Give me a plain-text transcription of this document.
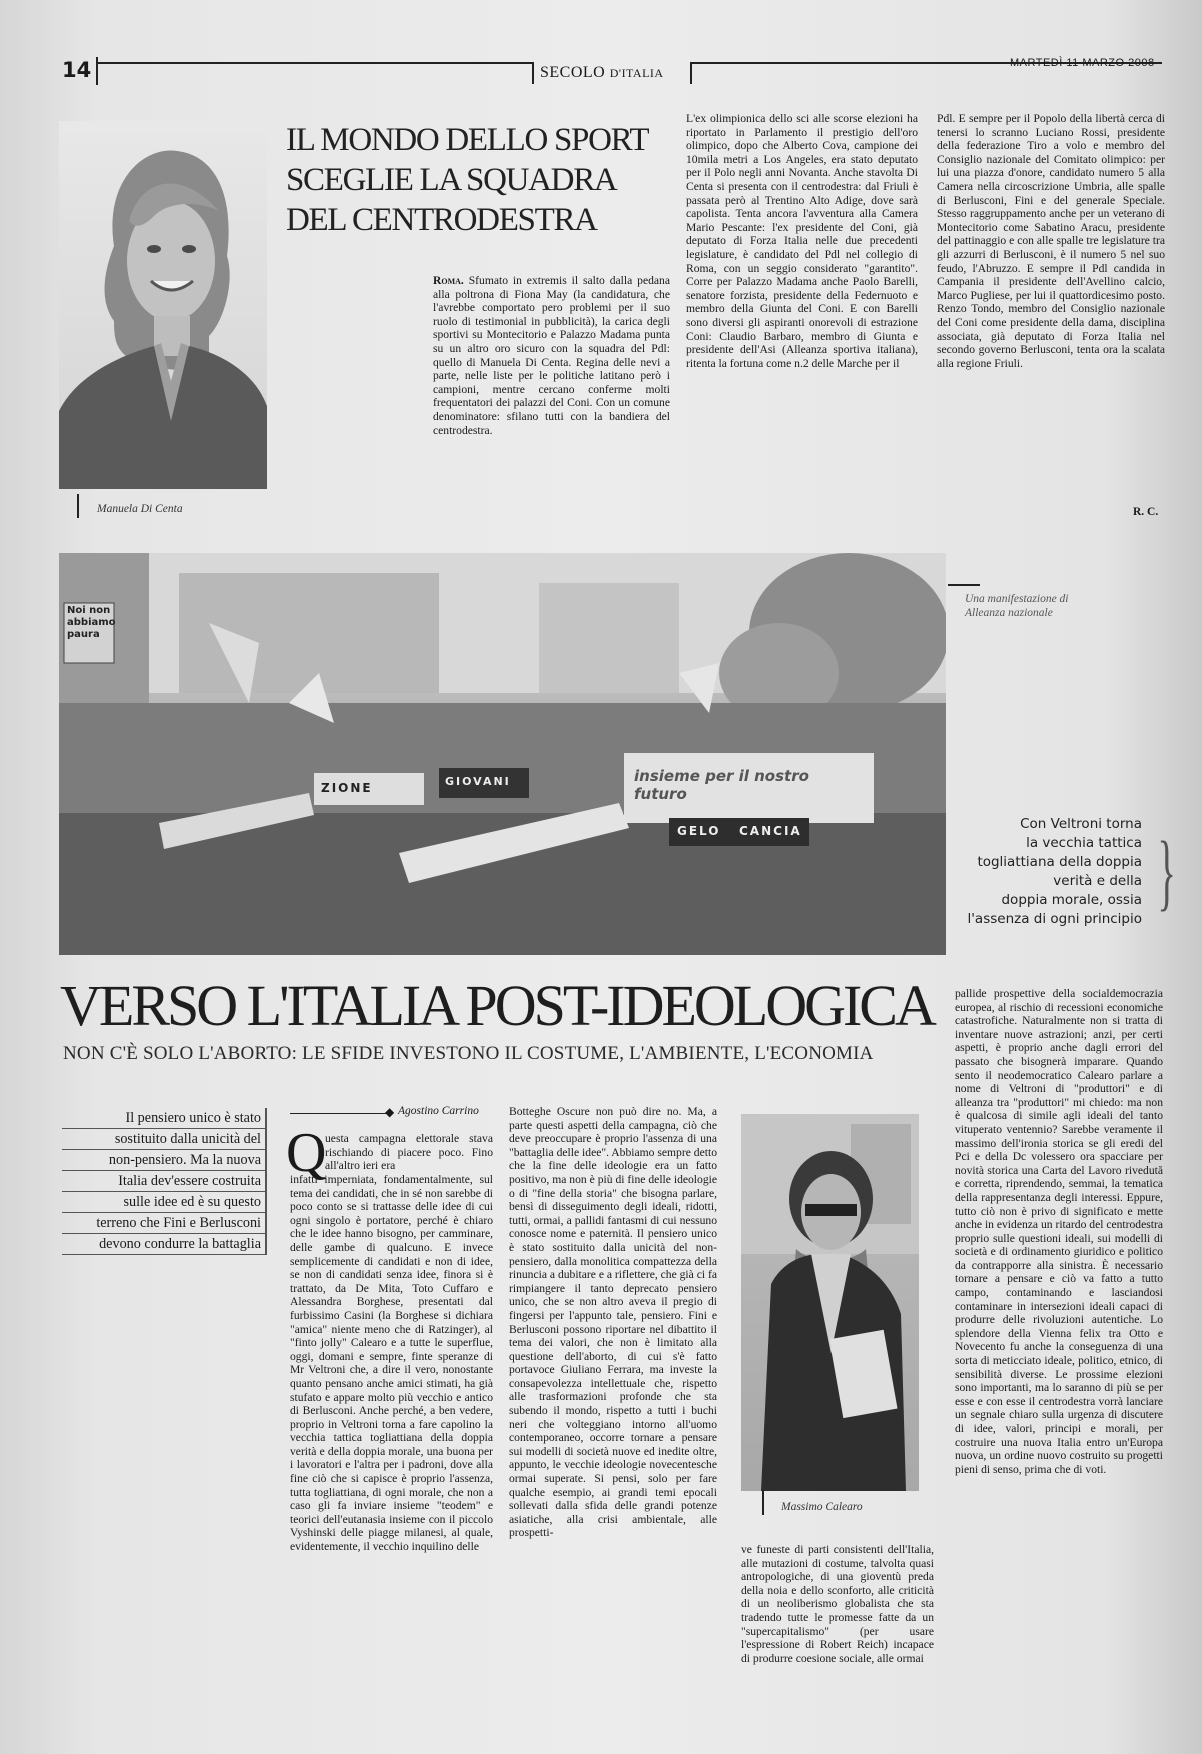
14	SECOLO D'ITALIA
MARTEDÌ 11 MARZO 2008
Manuela Di Centa
IL MONDO DELLO SPORT
SCEGLIE LA SQUADRA
DEL CENTRODESTRA
Roma. Sfumato in extremis il salto dalla pedana alla poltrona di Fiona May (la candidatura, che l'avrebbe comportato pero problemi per il suo ruolo di testimonial in pubblicità), la carica degli sportivi su Montecitorio e Palazzo Madama punta su un altro oro sicuro con la squadra del Pdl: quello di Manuela Di Centa. Regina delle nevi a parte, nelle liste per le politiche latitano però i campioni, mentre cercano conferme molti frequentatori dei palazzi del Coni. Con un comune denominatore: sfilano tutti con la bandiera del centrodestra.
L'ex olimpionica dello sci alle scorse elezioni ha riportato in Parlamento il prestigio dell'oro olimpico, dopo che Alberto Cova, campione dei 10mila metri a Los Angeles, era stato deputato per il Polo negli anni Novanta. Anche stavolta Di Centa si presenta con il centrodestra: dal Friuli è passata però al Trentino Alto Adige, dove sarà capolista. Tenta ancora l'avventura alla Camera Mario Pescante: l'ex presidente del Coni, già deputato di Forza Italia nelle due precedenti legislature, è candidato del Pdl nel collegio di Roma, con un seggio considerato "garantito". Corre per Palazzo Madama anche Paolo Barelli, senatore forzista, presidente della Federnuoto e membro della Giunta del Coni. E con Barelli sono diversi gli aspiranti onorevoli di estrazione Coni: Claudio Barbaro, membro di Giunta e presidente dell'Asi (Alleanza sportiva italiana), ritenta la fortuna come n.2 delle Marche per il
Pdl. E sempre per il Popolo della libertà cerca di tenersi lo scranno Luciano Rossi, presidente della federazione Tiro a volo e membro del Consiglio nazionale del Comitato olimpico: per lui una piazza d'onore, candidato numero 5 alla Camera nella circoscrizione Umbria, alle spalle di Berlusconi, Fini e del generale Speciale. Stesso raggruppamento anche per un veterano di Montecitorio come Sabatino Aracu, presidente del pattinaggio e con alle spalle tre legislature tra gli azzurri di Berlusconi, è il numero 5 nel suo feudo, l'Abruzzo. E sempre il Pdl candida in Campania il presidente dell'Avellino calcio, Marco Pugliese, per lui il quattordicesimo posto. Renzo Tondo, membro del Consiglio nazionale del Coni come presidente della dama, disciplina associata, già deputato di Forza Italia nel secondo governo Berlusconi, tenta ora la scalata alla regione Friuli.
R. C.
Noi non abbiamo paura
ZIONE	GIOVANI
GELO CANCIA
insieme per il nostro futuro
Una manifestazione di Alleanza nazionale
Con Veltroni torna
la vecchia tattica
togliattiana della doppia
verità e della
doppia morale, ossia
l'assenza di ogni principio }
VERSO L'ITALIA POST-IDEOLOGICA
NON C'È SOLO L'ABORTO: LE SFIDE INVESTONO IL COSTUME, L'AMBIENTE, L'ECONOMIA
Il pensiero unico è stato
sostituito dalla unicità del
non-pensiero. Ma la nuova
Italia dev'essere costruita
sulle idee ed è su questo
terreno che Fini e Berlusconi
devono condurre la battaglia
◆ Agostino Carrino
Q
uesta campagna elettorale stava rischiando di piacere poco. Fino all'altro ieri era
infatti imperniata, fondamentalmente, sul tema dei candidati, che in sé non sarebbe di poco conto se si trattasse delle idee di cui ogni singolo è portatore, perché è chiaro che le idee hanno bisogno, per camminare, delle gambe di qualcuno. E invece semplicemente di candidati e non di idee, se non di candidati senza idee, finora si è trattato, da De Mita, Toto Cuffaro e Alessandra Borghese, presentati dal furbissimo Casini (la Borghese si dichiara "amica" niente meno che di Ratzinger), al "finto jolly" Calearo e a tutte le superflue, oggi, domani e sempre, finte speranze di Mr Veltroni che, a dire il vero, nonostante quanto pensano anche amici stimati, ha già stufato e appare molto più vecchio e antico di Berlusconi. Anche perché, a ben vedere, proprio in Veltroni torna a fare capolino la vecchia tattica togliattiana della doppia verità e della doppia morale, una buona per i lavoratori e l'altra per i padroni, dove alla fine ciò che si capisce è proprio l'assenza, tutta togliattiana, di ogni morale, che non a caso gli fa inviare insieme "teodem" e teorici dell'eutanasia insieme con il piccolo Vyshinski delle piagge milanesi, al quale, evidentemente, il vecchio inquilino delle
Botteghe Oscure non può dire no. Ma, a parte questi aspetti della campagna, ciò che deve preoccupare è proprio l'assenza di una "battaglia delle idee". Abbiamo sempre detto che la fine delle ideologie era un fatto positivo, ma non è più di fine delle ideologie o di "fine della storia" che bisogna parlare, bensì di disseguimento degli ideali, ridotti, tutti, ormai, a pallidi fantasmi di cui nessuno conosce nome e paternità. Il pensiero unico è stato sostituito dalla unicità del non-pensiero, dalla monolitica compattezza della rinuncia a dubitare e a riflettere, che già ci fa rimpiangere il tanto deprecato pensiero unico, che se non altro aveva il pregio di fingersi per l'appunto tale, pensiero. Fini e Berlusconi possono riportare nel dibattito il tema dei valori, che non è limitato alla questione dell'aborto, di cui s'è fatto portavoce Giuliano Ferrara, ma investe la consapevolezza intellettuale che, rispetto alle trasformazioni profonde che sta subendo il mondo, rispetto a tutti i buchi neri che volteggiano intorno all'uomo contemporaneo, occorre tornare a pensare sui modelli di società nuove ed inedite oltre, appunto, le vecchie ideologie novecentesche ormai superate. Si pensi, solo per fare qualche esempio, ai grandi temi epocali sollevati dalla sfida delle grandi potenze asiatiche, alla crisi ambientale, alle prospetti-
Massimo Calearo
ve funeste di parti consistenti dell'Italia, alle mutazioni di costume, talvolta quasi antropologiche, di una gioventù preda della noia e dello sconforto, alle criticità di un neoliberismo globalista che sta tradendo tutte le promesse fatte da un "supercapitalismo" (per usare l'espressione di Robert Reich) incapace di produrre coesione sociale, alle ormai
pallide prospettive della socialdemocrazia europea, al rischio di recessioni economiche catastrofiche. Naturalmente non si tratta di inventare nuove astrazioni; anzi, per certi aspetti, è proprio anche dagli errori del passato che bisognerà imparare. Quando sento il neodemocratico Calearo parlare a nome di Veltroni di "produttori" e di alleanza tra "produttori" mi chiedo: ma non è qualcosa di simile agli ideali del tanto vituperato ventennio? Sarebbe veramente il massimo dell'ironia storica se gli eredi del Pci e della Dc volessero ora spacciare per novità storica una Carta del Lavoro rivedută e corretta, riprendendo, semmai, la tematica della rappresentanza degli interessi. Eppure, tutto ciò non è privo di significato e mette anche in evidenza un ritardo del centrodestra proprio sulle questioni ideali, sui modelli di società e di ordinamento giuridico e politico da contrapporre alla sinistra. È necessario tornare a pensare e ciò va fatto a tutto campo, contaminando e lasciandosi contaminare in intersezioni ideali capaci di produrre delle rivoluzioni autentiche. Lo splendore della Vienna felix tra Otto e Novecento fu anche la conseguenza di una sorta di meticciato ideale, politico, etnico, di sensibilità diverse. Le prossime elezioni sono importanti, ma lo saranno di più se per esse e con esse il centrodestra vorrà lanciare un segnale chiaro sulla urgenza di discutere di idee, valori, principi e morali, per costruire una nuova Italia entro un'Europa nuova, un ordine nuovo costruito su progetti pieni di senso, prima che di voti.
